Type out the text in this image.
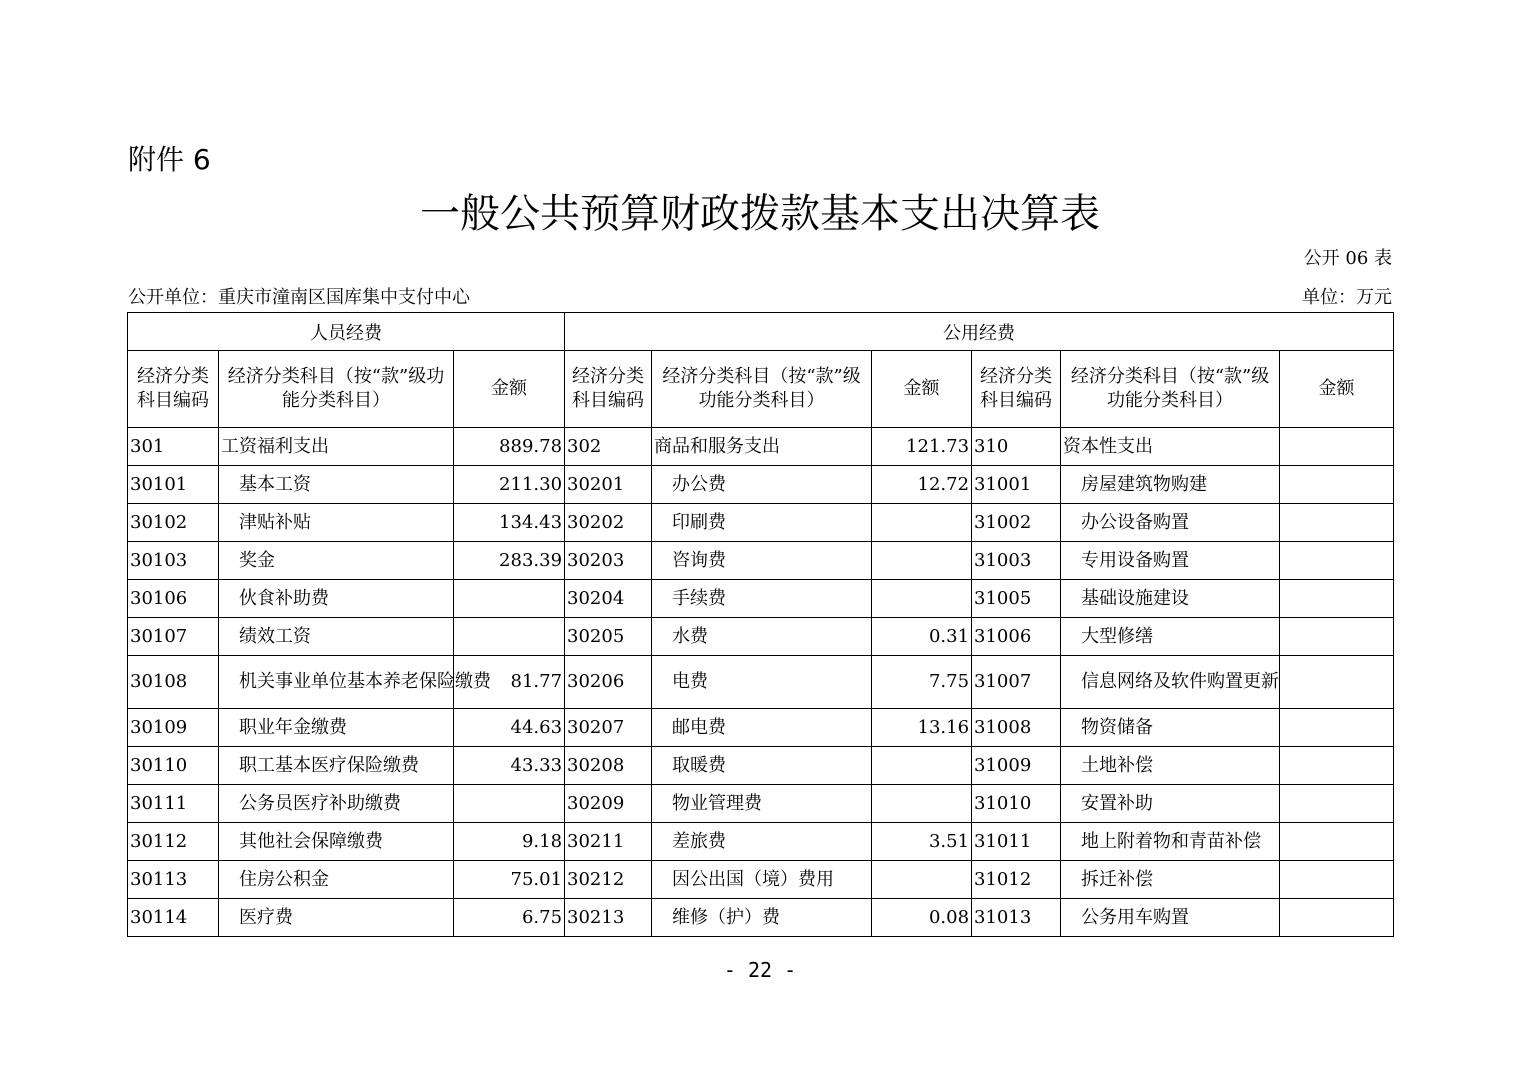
附件 6
一般公共预算财政拨款基本支出决算表
公开 06 表
公开单位：重庆市潼南区国库集中支付中心	单位：万元
人员经费			公用经费					
经济分类科目编码	经济分类科目（按“款”级功能分类科目）	金额	经济分类科目编码	经济分类科目（按“款”级功能分类科目）	金额	经济分类科目编码	经济分类科目（按“款”级功能分类科目）	金额
301	工资福利支出	889.78	302	商品和服务支出	121.73	310	资本性支出	
30101	基本工资	211.30	30201	办公费	12.72	31001	房屋建筑物购建	
30102	津贴补贴	134.43	30202	印刷费		31002	办公设备购置	
30103	奖金	283.39	30203	咨询费		31003	专用设备购置	
30106	伙食补助费		30204	手续费		31005	基础设施建设	
30107	绩效工资		30205	水费	0.31	31006	大型修缮	
30108	机关事业单位基本养老保险缴费	81.77	30206	电费	7.75	31007	信息网络及软件购置更新	
30109	职业年金缴费	44.63	30207	邮电费	13.16	31008	物资储备	
30110	职工基本医疗保险缴费	43.33	30208	取暖费		31009	土地补偿	
30111	公务员医疗补助缴费		30209	物业管理费		31010	安置补助	
30112	其他社会保障缴费	9.18	30211	差旅费	3.51	31011	地上附着物和青苗补偿	
30113	住房公积金	75.01	30212	因公出国（境）费用		31012	拆迁补偿	
30114	医疗费	6.75	30213	维修（护）费	0.08	31013	公务用车购置	
- 22 -
